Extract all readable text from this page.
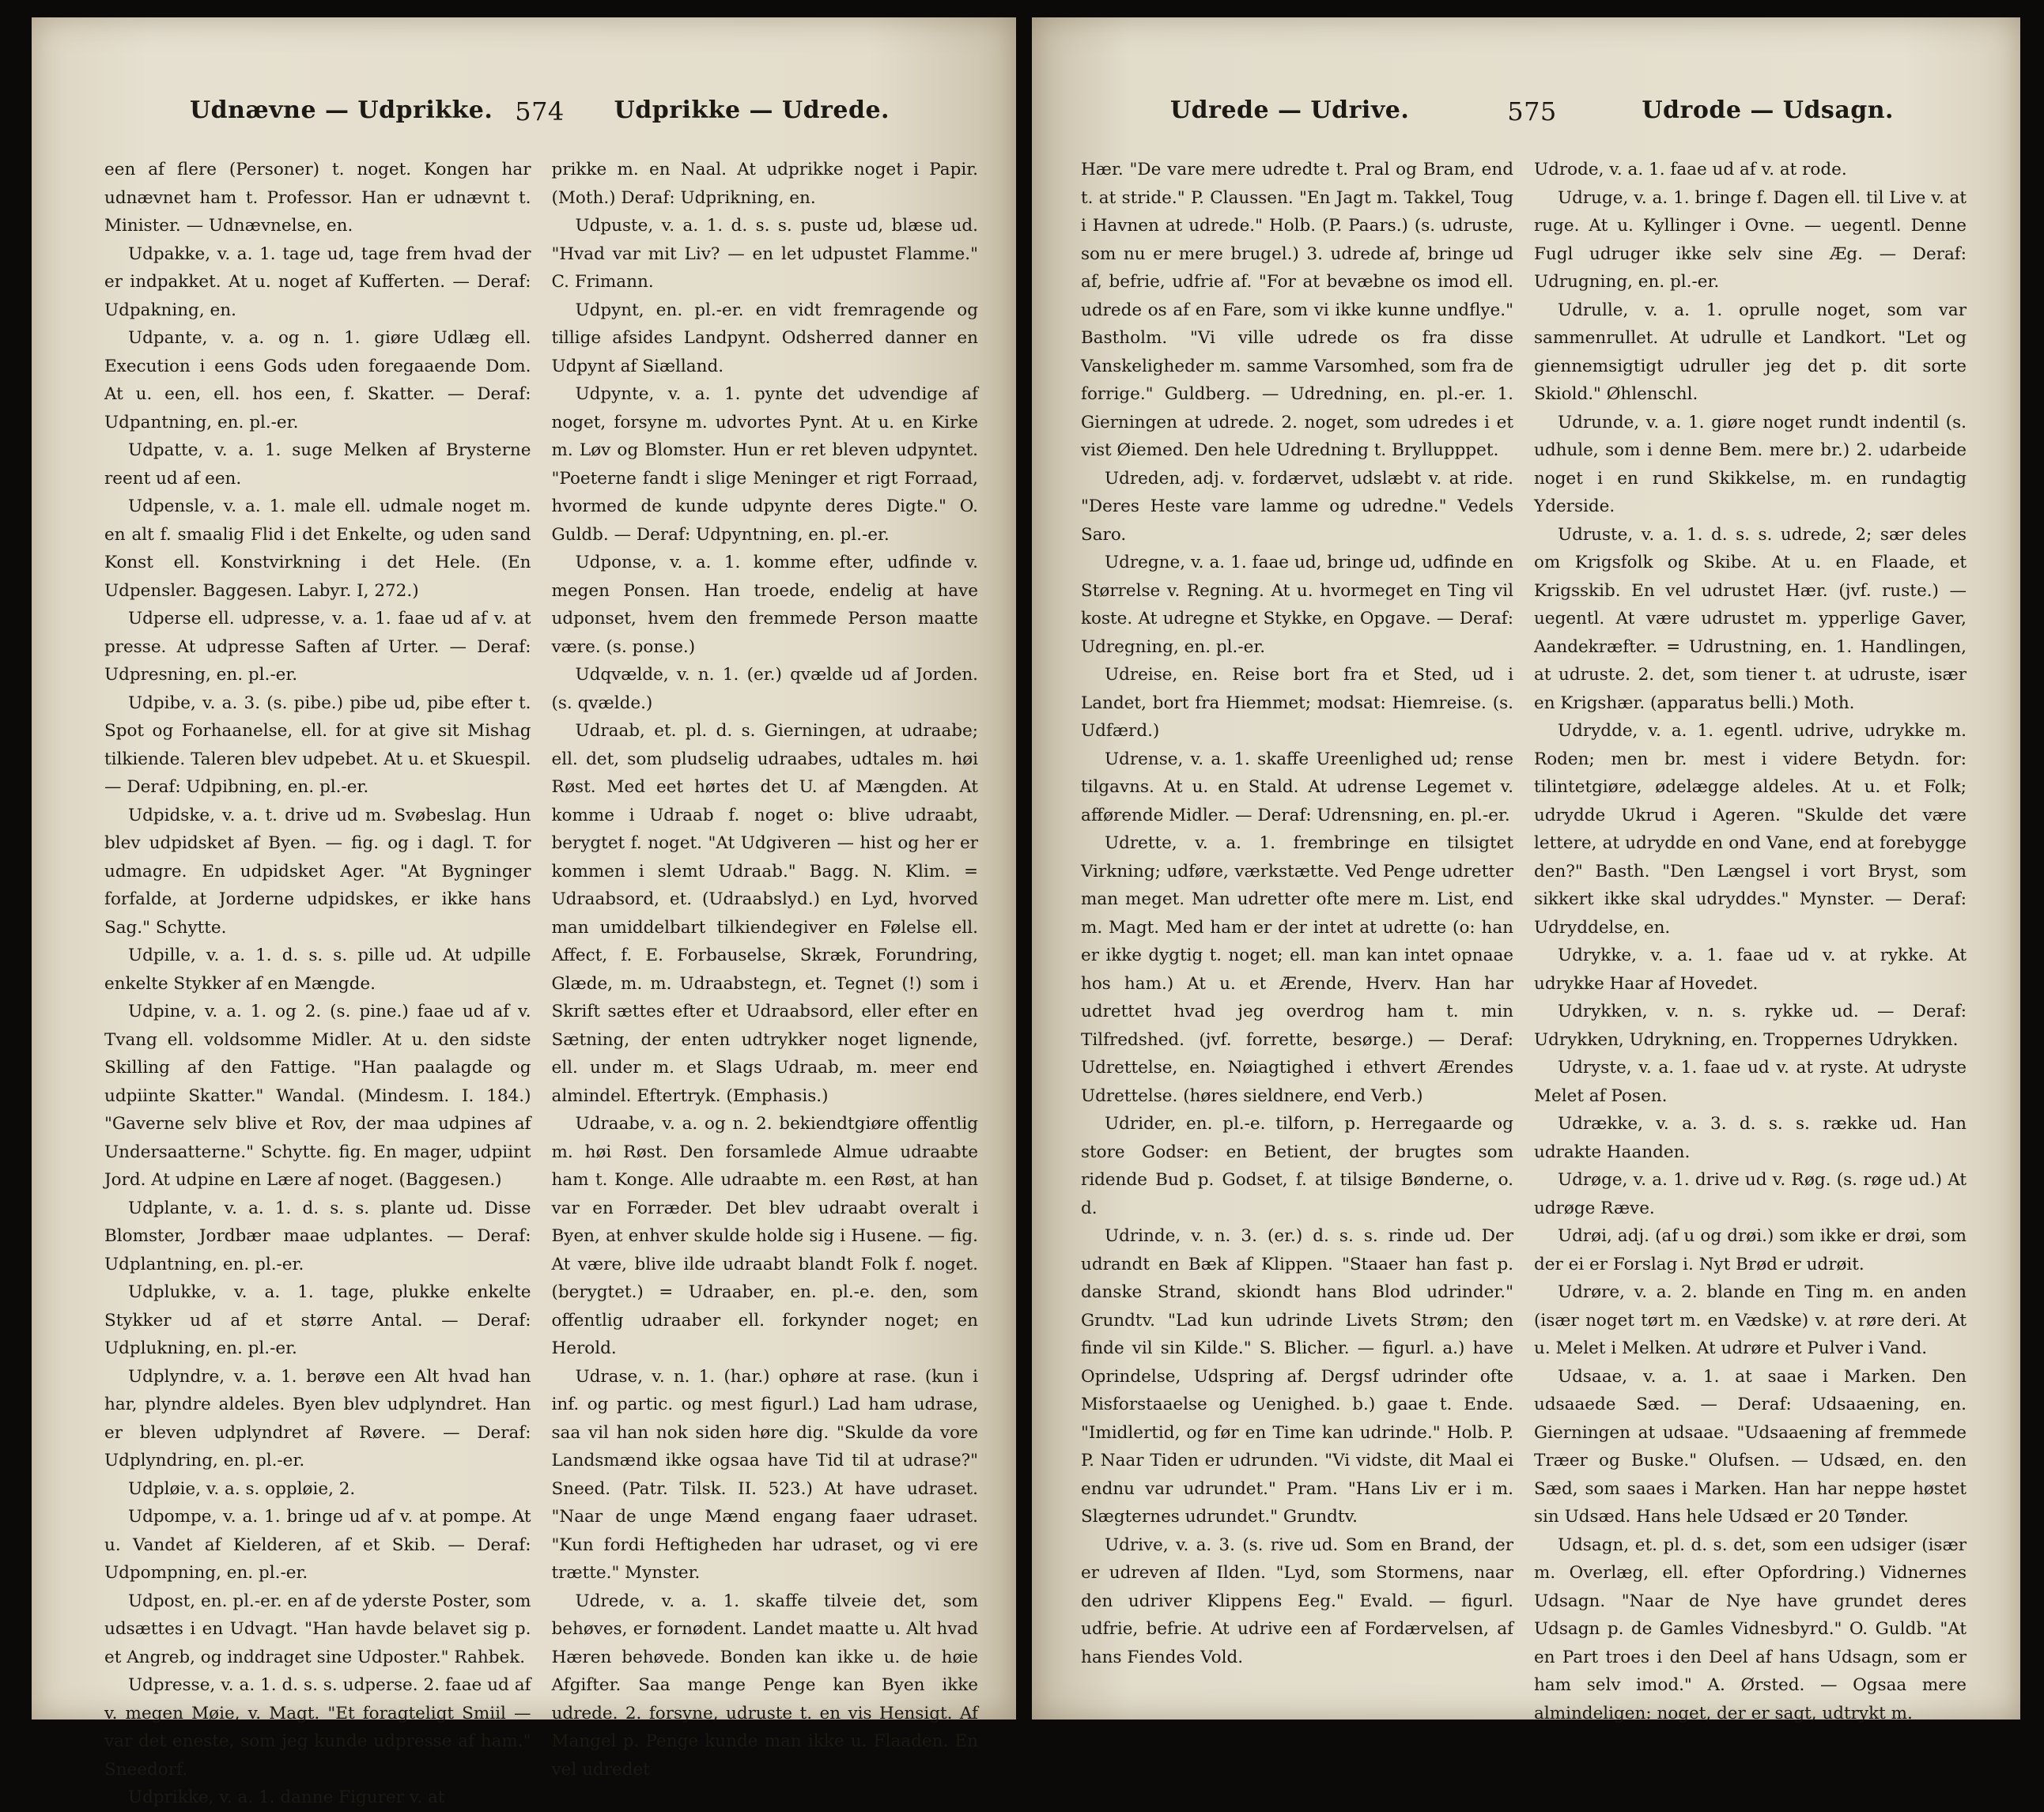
Udnævne — Udprikke. 574 Udprikke — Udrede.

een af flere (Personer) t. noget. Kongen har udnævnet ham t. Professor. Han er udnævnt t. Minister. — Udnævnelse, en.

Udpakke, v. a. 1. tage ud, tage frem hvad der er indpakket. At u. noget af Kufferten. — Deraf: Udpakning, en.

Udpante, v. a. og n. 1. giøre Udlæg ell. Execution i eens Gods uden foregaaende Dom. At u. een, ell. hos een, f. Skatter. — Deraf: Udpantning, en. pl.-er.

Udpatte, v. a. 1. suge Melken af Brysterne reent ud af een.

Udpensle, v. a. 1. male ell. udmale noget m. en alt f. smaalig Flid i det Enkelte, og uden sand Konst ell. Konstvirkning i det Hele. (En Udpensler. Baggesen. Labyr. I, 272.)

Udperse ell. udpresse, v. a. 1. faae ud af v. at presse. At udpresse Saften af Urter. — Deraf: Udpresning, en. pl.-er.

Udpibe, v. a. 3. (s. pibe.) pibe ud, pibe efter t. Spot og Forhaanelse, ell. for at give sit Mishag tilkiende. Taleren blev udpebet. At u. et Skuespil. — Deraf: Udpibning, en. pl.-er.

Udpidske, v. a. t. drive ud m. Svøbeslag. Hun blev udpidsket af Byen. — fig. og i dagl. T. for udmagre. En udpidsket Ager. "At Bygninger forfalde, at Jorderne udpidskes, er ikke hans Sag." Schytte.

Udpille, v. a. 1. d. s. s. pille ud. At udpille enkelte Stykker af en Mængde.

Udpine, v. a. 1. og 2. (s. pine.) faae ud af v. Tvang ell. voldsomme Midler. At u. den sidste Skilling af den Fattige. "Han paalagde og udpiinte Skatter." Wandal. (Mindesm. I. 184.) "Gaverne selv blive et Rov, der maa udpines af Undersaatterne." Schytte. fig. En mager, udpiint Jord. At udpine en Lære af noget. (Baggesen.)

Udplante, v. a. 1. d. s. s. plante ud. Disse Blomster, Jordbær maae udplantes. — Deraf: Udplantning, en. pl.-er.

Udplukke, v. a. 1. tage, plukke enkelte Stykker ud af et større Antal. — Deraf: Udplukning, en. pl.-er.

Udplyndre, v. a. 1. berøve een Alt hvad han har, plyndre aldeles. Byen blev udplyndret. Han er bleven udplyndret af Røvere. — Deraf: Udplyndring, en. pl.-er.

Udpløie, v. a. s. oppløie, 2.

Udpompe, v. a. 1. bringe ud af v. at pompe. At u. Vandet af Kielderen, af et Skib. — Deraf: Udpompning, en. pl.-er.

Udpost, en. pl.-er. en af de yderste Poster, som udsættes i en Udvagt. "Han havde belavet sig p. et Angreb, og inddraget sine Udposter." Rahbek.

Udpresse, v. a. 1. d. s. s. udperse. 2. faae ud af v. megen Møie, v. Magt. "Et foragteligt Smiil — var det eneste, som jeg kunde udpresse af ham." Sneedorf.

Udprikke, v. a. 1. danne Figurer v. at

prikke m. en Naal. At udprikke noget i Papir. (Moth.) Deraf: Udprikning, en.

Udpuste, v. a. 1. d. s. s. puste ud, blæse ud. "Hvad var mit Liv? — en let udpustet Flamme." C. Frimann.

Udpynt, en. pl.-er. en vidt fremragende og tillige afsides Landpynt. Odsherred danner en Udpynt af Siælland.

Udpynte, v. a. 1. pynte det udvendige af noget, forsyne m. udvortes Pynt. At u. en Kirke m. Løv og Blomster. Hun er ret bleven udpyntet. "Poeterne fandt i slige Meninger et rigt Forraad, hvormed de kunde udpynte deres Digte." O. Guldb. — Deraf: Udpyntning, en. pl.-er.

Udponse, v. a. 1. komme efter, udfinde v. megen Ponsen. Han troede, endelig at have udponset, hvem den fremmede Person maatte være. (s. ponse.)

Udqvælde, v. n. 1. (er.) qvælde ud af Jorden. (s. qvælde.)

Udraab, et. pl. d. s. Gierningen, at udraabe; ell. det, som pludselig udraabes, udtales m. høi Røst. Med eet hørtes det U. af Mængden. At komme i Udraab f. noget o: blive udraabt, berygtet f. noget. "At Udgiveren — hist og her er kommen i slemt Udraab." Bagg. N. Klim. = Udraabsord, et. (Udraabslyd.) en Lyd, hvorved man umiddelbart tilkiendegiver en Følelse ell. Affect, f. E. Forbauselse, Skræk, Forundring, Glæde, m. m. Udraabstegn, et. Tegnet (!) som i Skrift sættes efter et Udraabsord, eller efter en Sætning, der enten udtrykker noget lignende, ell. under m. et Slags Udraab, m. meer end almindel. Eftertryk. (Emphasis.)

Udraabe, v. a. og n. 2. bekiendtgiøre offentlig m. høi Røst. Den forsamlede Almue udraabte ham t. Konge. Alle udraabte m. een Røst, at han var en Forræder. Det blev udraabt overalt i Byen, at enhver skulde holde sig i Husene. — fig. At være, blive ilde udraabt blandt Folk f. noget. (berygtet.) = Udraaber, en. pl.-e. den, som offentlig udraaber ell. forkynder noget; en Herold.

Udrase, v. n. 1. (har.) ophøre at rase. (kun i inf. og partic. og mest figurl.) Lad ham udrase, saa vil han nok siden høre dig. "Skulde da vore Landsmænd ikke ogsaa have Tid til at udrase?" Sneed. (Patr. Tilsk. II. 523.) At have udraset. "Naar de unge Mænd engang faaer udraset. "Kun fordi Heftigheden har udraset, og vi ere trætte." Mynster.

Udrede, v. a. 1. skaffe tilveie det, som behøves, er fornødent. Landet maatte u. Alt hvad Hæren behøvede. Bonden kan ikke u. de høie Afgifter. Saa mange Penge kan Byen ikke udrede. 2. forsyne, udruste t. en vis Hensigt. Af Mangel p. Penge kunde man ikke u. Flaaden. En vel udredet

Udrede — Udrive.	575	Udrode — Udsagn.

Hær. "De vare mere udredte t. Pral og Bram, end t. at stride." P. Claussen. "En Jagt m. Takkel, Toug i Havnen at udrede." Holb. (P. Paars.) (s. udruste, som nu er mere brugel.) 3. udrede af, bringe ud af, befrie, udfrie af. "For at bevæbne os imod ell. udrede os af en Fare, som vi ikke kunne undflye." Bastholm. "Vi ville udrede os fra disse Vanskeligheder m. samme Varsomhed, som fra de forrige." Guldberg. — Udredning, en. pl.-er. 1. Gierningen at udrede. 2. noget, som udredes i et vist Øiemed. Den hele Udredning t. Bryllupppet.

Udreden, adj. v. fordærvet, udslæbt v. at ride. "Deres Heste vare lamme og udredne." Vedels Saro.

Udregne, v. a. 1. faae ud, bringe ud, udfinde en Størrelse v. Regning. At u. hvormeget en Ting vil koste. At udregne et Stykke, en Opgave. — Deraf: Udregning, en. pl.-er.

Udreise, en. Reise bort fra et Sted, ud i Landet, bort fra Hiemmet; modsat: Hiemreise. (s. Udfærd.)

Udrense, v. a. 1. skaffe Ureenlighed ud; rense tilgavns. At u. en Stald. At udrense Legemet v. afførende Midler. — Deraf: Udrensning, en. pl.-er.

Udrette, v. a. 1. frembringe en tilsigtet Virkning; udføre, værkstætte. Ved Penge udretter man meget. Man udretter ofte mere m. List, end m. Magt. Med ham er der intet at udrette (o: han er ikke dygtig t. noget; ell. man kan intet opnaae hos ham.) At u. et Ærende, Hverv. Han har udrettet hvad jeg overdrog ham t. min Tilfredshed. (jvf. forrette, besørge.) — Deraf: Udrettelse, en. Nøiagtighed i ethvert Ærendes Udrettelse. (høres sieldnere, end Verb.)

Udrider, en. pl.-e. tilforn, p. Herregaarde og store Godser: en Betient, der brugtes som ridende Bud p. Godset, f. at tilsige Bønderne, o. d.

Udrinde, v. n. 3. (er.) d. s. s. rinde ud. Der udrandt en Bæk af Klippen. "Staaer han fast p. danske Strand, skiondt hans Blod udrinder." Grundtv. "Lad kun udrinde Livets Strøm; den finde vil sin Kilde." S. Blicher. — figurl. a.) have Oprindelse, Udspring af. Dergsf udrinder ofte Misforstaaelse og Uenighed. b.) gaae t. Ende. "Imidlertid, og før en Time kan udrinde." Holb. P. P. Naar Tiden er udrunden. "Vi vidste, dit Maal ei endnu var udrundet." Pram. "Hans Liv er i m. Slægternes udrundet." Grundtv.

Udrive, v. a. 3. (s. rive ud. Som en Brand, der er udreven af Ilden. "Lyd, som Stormens, naar den udriver Klippens Eeg." Evald. — figurl. udfrie, befrie. At udrive een af Fordærvelsen, af hans Fiendes Vold.

Udrode, v. a. 1. faae ud af v. at rode.

Udruge, v. a. 1. bringe f. Dagen ell. til Live v. at ruge. At u. Kyllinger i Ovne. — uegentl. Denne Fugl udruger ikke selv sine Æg. — Deraf: Udrugning, en. pl.-er.

Udrulle, v. a. 1. oprulle noget, som var sammenrullet. At udrulle et Landkort. "Let og giennemsigtigt udruller jeg det p. dit sorte Skiold." Øhlenschl.

Udrunde, v. a. 1. giøre noget rundt indentil (s. udhule, som i denne Bem. mere br.) 2. udarbeide noget i en rund Skikkelse, m. en rundagtig Yderside.

Udruste, v. a. 1. d. s. s. udrede, 2; sær deles om Krigsfolk og Skibe. At u. en Flaade, et Krigsskib. En vel udrustet Hær. (jvf. ruste.) — uegentl. At være udrustet m. ypperlige Gaver, Aandekræfter. = Udrustning, en. 1. Handlingen, at udruste. 2. det, som tiener t. at udruste, især en Krigshær. (apparatus belli.) Moth.

Udrydde, v. a. 1. egentl. udrive, udrykke m. Roden; men br. mest i videre Betydn. for: tilintetgiøre, ødelægge aldeles. At u. et Folk; udrydde Ukrud i Ageren. "Skulde det være lettere, at udrydde en ond Vane, end at forebygge den?" Basth. "Den Længsel i vort Bryst, som sikkert ikke skal udryddes." Mynster. — Deraf: Udryddelse, en.

Udrykke, v. a. 1. faae ud v. at rykke. At udrykke Haar af Hovedet.

Udrykken, v. n. s. rykke ud. — Deraf: Udrykken, Udrykning, en. Troppernes Udrykken.

Udryste, v. a. 1. faae ud v. at ryste. At udryste Melet af Posen.

Udrække, v. a. 3. d. s. s. række ud. Han udrakte Haanden.

Udrøge, v. a. 1. drive ud v. Røg. (s. røge ud.) At udrøge Ræve.

Udrøi, adj. (af u og drøi.) som ikke er drøi, som der ei er Forslag i. Nyt Brød er udrøit.

Udrøre, v. a. 2. blande en Ting m. en anden (især noget tørt m. en Vædske) v. at røre deri. At u. Melet i Melken. At udrøre et Pulver i Vand.

Udsaae, v. a. 1. at saae i Marken. Den udsaaede Sæd. — Deraf: Udsaaening, en. Gierningen at udsaae. "Udsaaening af fremmede Træer og Buske." Olufsen. — Udsæd, en. den Sæd, som saaes i Marken. Han har neppe høstet sin Udsæd. Hans hele Udsæd er 20 Tønder.

Udsagn, et. pl. d. s. det, som een udsiger (især m. Overlæg, ell. efter Opfordring.) Vidnernes Udsagn. "Naar de Nye have grundet deres Udsagn p. de Gamles Vidnesbyrd." O. Guldb. "At en Part troes i den Deel af hans Udsagn, som er ham selv imod." A. Ørsted. — Ogsaa mere almindeligen: noget, der er sagt, udtrykt m.
